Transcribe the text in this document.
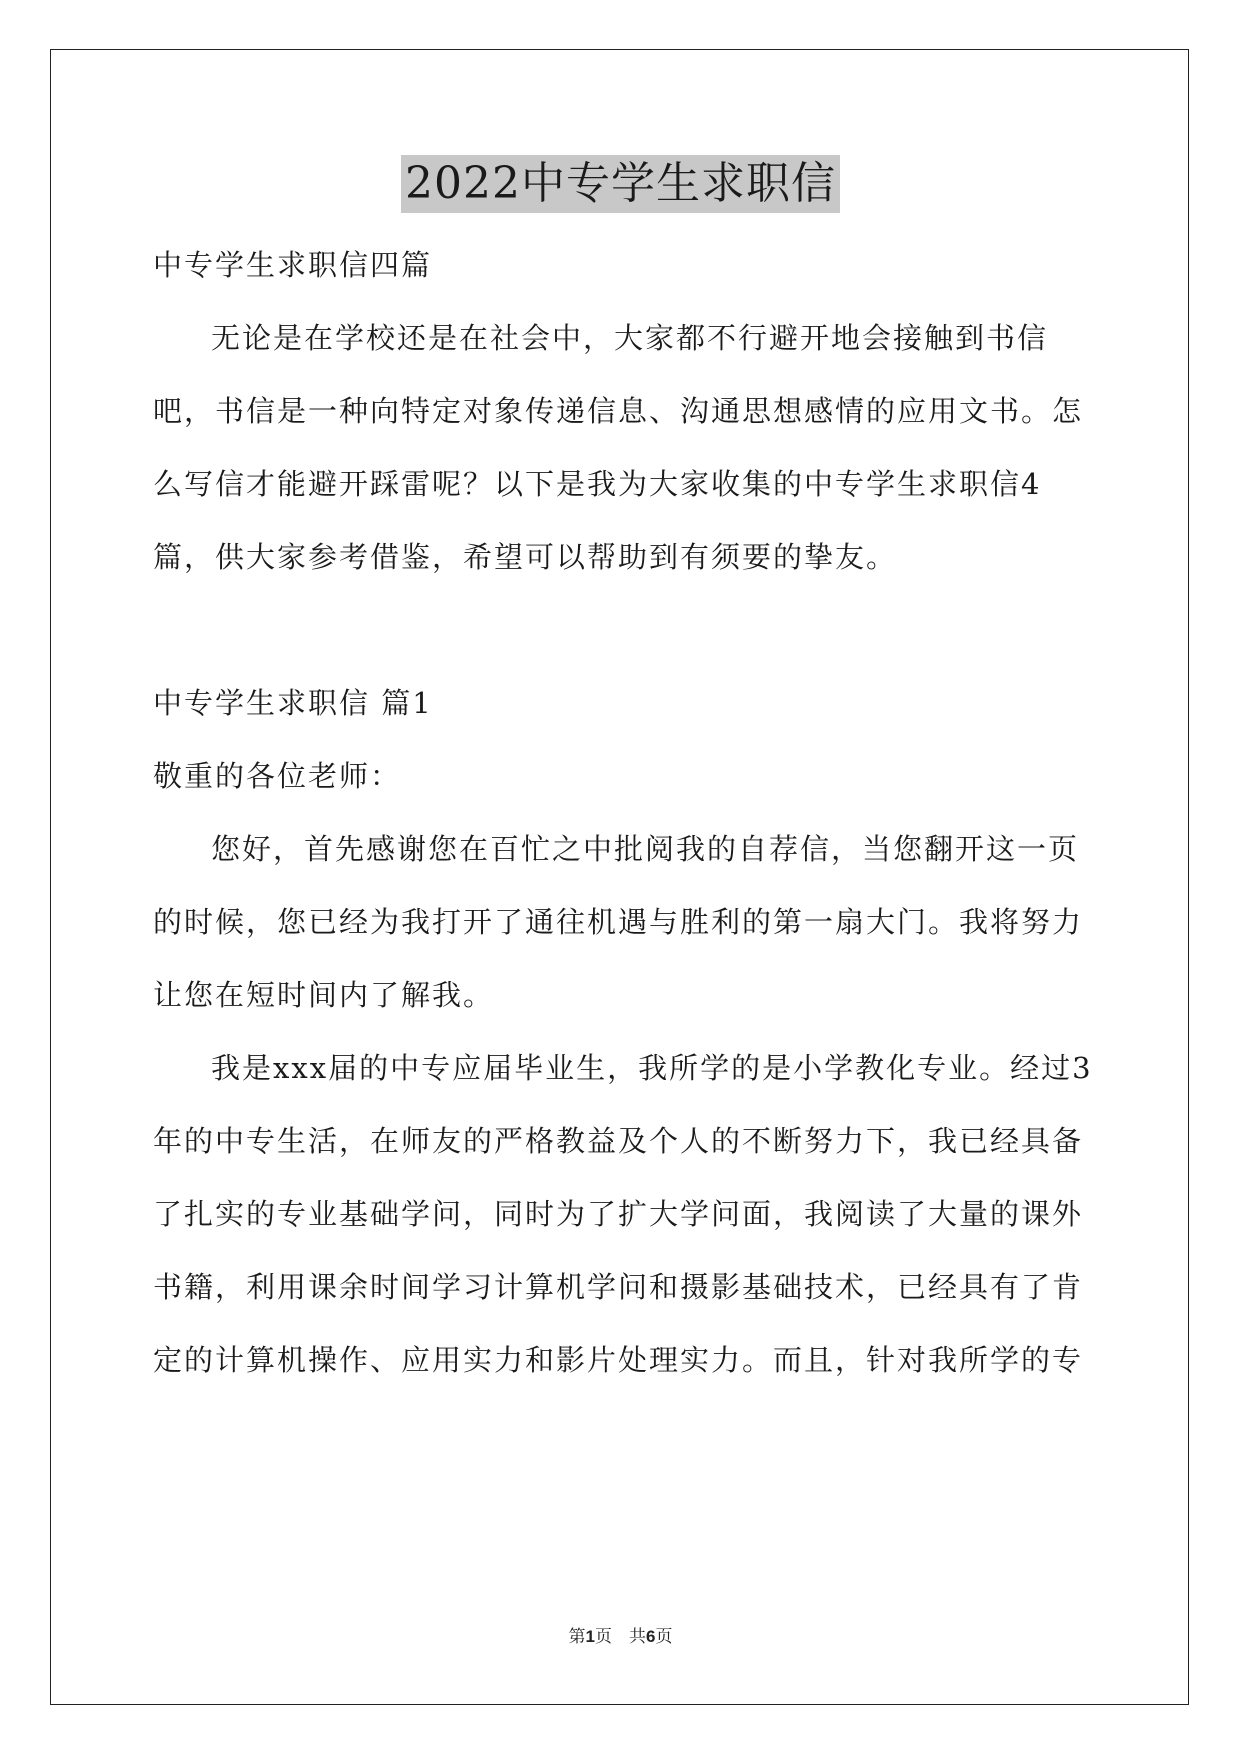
2022中专学生求职信

中专学生求职信四篇

无论是在学校还是在社会中，大家都不行避开地会接触到书信吧，书信是一种向特定对象传递信息、沟通思想感情的应用文书。怎么写信才能避开踩雷呢？以下是我为大家收集的中专学生求职信4篇，供大家参考借鉴，希望可以帮助到有须要的挚友。

中专学生求职信 篇1

敬重的各位老师：

您好，首先感谢您在百忙之中批阅我的自荐信，当您翻开这一页的时候，您已经为我打开了通往机遇与胜利的第一扇大门。我将努力让您在短时间内了解我。

我是xxx届的中专应届毕业生，我所学的是小学教化专业。经过3年的中专生活，在师友的严格教益及个人的不断努力下，我已经具备了扎实的专业基础学问，同时为了扩大学问面，我阅读了大量的课外书籍，利用课余时间学习计算机学问和摄影基础技术，已经具有了肯定的计算机操作、应用实力和影片处理实力。而且，针对我所学的专

第1页　共6页
